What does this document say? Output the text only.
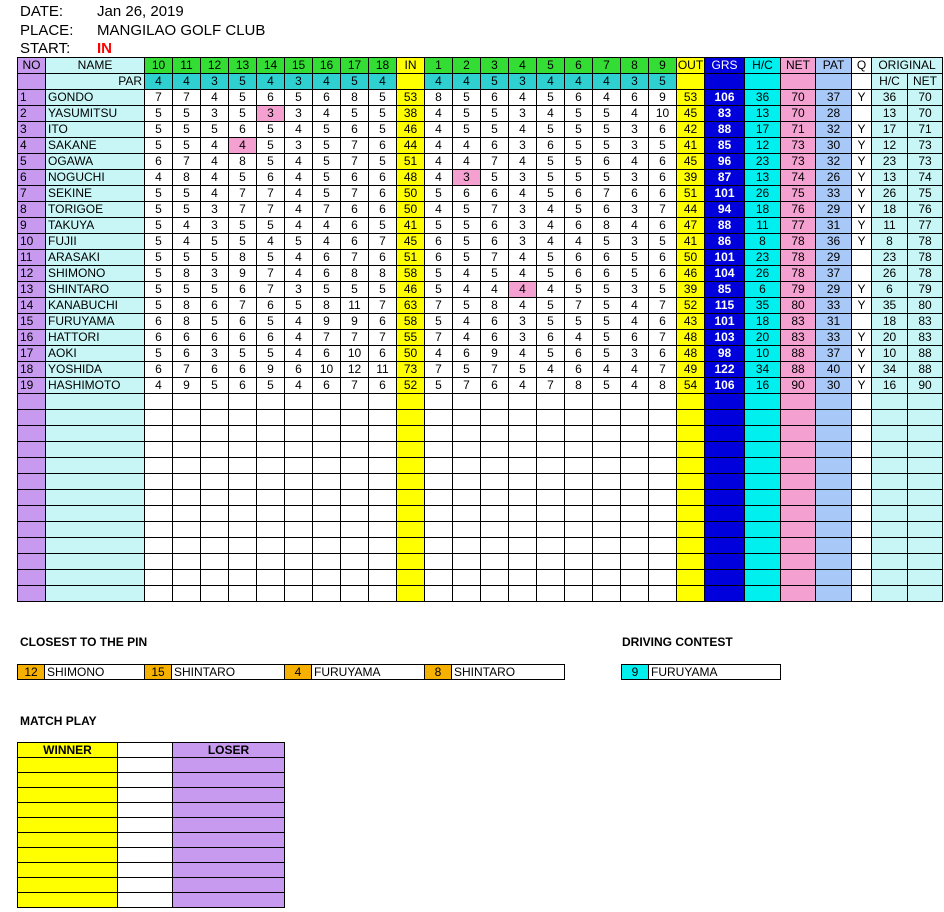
DATE: Jan 26, 2019
PLACE: MANGILAO GOLF CLUB
START: IN
NO	NAME	10	11	12	13	14	15	16	17	18	IN	1	2	3	4	5	6	7	8	9	OUT	GRS	H/C	NET	PAT	Q	ORIGINAL	
	PAR	4	4	3	5	4	3	4	5	4		4	4	5	3	4	4	4	3	5							H/C	NET
1	GONDO	7	7	4	5	6	5	6	8	5	53	8	5	6	4	5	6	4	6	9	53	106	36	70	37	Y	36	70
2	YASUMITSU	5	5	3	5	3	3	4	5	5	38	4	5	5	3	4	5	5	4	10	45	83	13	70	28		13	70
3	ITO	5	5	5	6	5	4	5	6	5	46	4	5	5	4	5	5	5	3	6	42	88	17	71	32	Y	17	71
4	SAKANE	5	5	4	4	5	3	5	7	6	44	4	4	6	3	6	5	5	3	5	41	85	12	73	30	Y	12	73
5	OGAWA	6	7	4	8	5	4	5	7	5	51	4	4	7	4	5	5	6	4	6	45	96	23	73	32	Y	23	73
6	NOGUCHI	4	8	4	5	6	4	5	6	6	48	4	3	5	3	5	5	5	3	6	39	87	13	74	26	Y	13	74
7	SEKINE	5	5	4	7	7	4	5	7	6	50	5	6	6	4	5	6	7	6	6	51	101	26	75	33	Y	26	75
8	TORIGOE	5	5	3	7	7	4	7	6	6	50	4	5	7	3	4	5	6	3	7	44	94	18	76	29	Y	18	76
9	TAKUYA	5	4	3	5	5	4	4	6	5	41	5	5	6	3	4	6	8	4	6	47	88	11	77	31	Y	11	77
10	FUJII	5	4	5	5	4	5	4	6	7	45	6	5	6	3	4	4	5	3	5	41	86	8	78	36	Y	8	78
11	ARASAKI	5	5	5	8	5	4	6	7	6	51	6	5	7	4	5	6	6	5	6	50	101	23	78	29		23	78
12	SHIMONO	5	8	3	9	7	4	6	8	8	58	5	4	5	4	5	6	6	5	6	46	104	26	78	37		26	78
13	SHINTARO	5	5	5	6	7	3	5	5	5	46	5	4	4	4	4	5	5	3	5	39	85	6	79	29	Y	6	79
14	KANABUCHI	5	8	6	7	6	5	8	11	7	63	7	5	8	4	5	7	5	4	7	52	115	35	80	33	Y	35	80
15	FURUYAMA	6	8	5	6	5	4	9	9	6	58	5	4	6	3	5	5	5	4	6	43	101	18	83	31		18	83
16	HATTORI	6	6	6	6	6	4	7	7	7	55	7	4	6	3	6	4	5	6	7	48	103	20	83	33	Y	20	83
17	AOKI	5	6	3	5	5	4	6	10	6	50	4	6	9	4	5	6	5	3	6	48	98	10	88	37	Y	10	88
18	YOSHIDA	6	7	6	6	9	6	10	12	11	73	7	5	7	5	4	6	4	4	7	49	122	34	88	40	Y	34	88
19	HASHIMOTO	4	9	5	6	5	4	6	7	6	52	5	7	6	4	7	8	5	4	8	54	106	16	90	30	Y	16	90

CLOSEST TO THE PIN
12 SHIMONO	15 SHINTARO	4	FURUYAMA	8	SHINTARO
DRIVING CONTEST
9	FURUYAMA
MATCH PLAY
WINNER		LOSER
